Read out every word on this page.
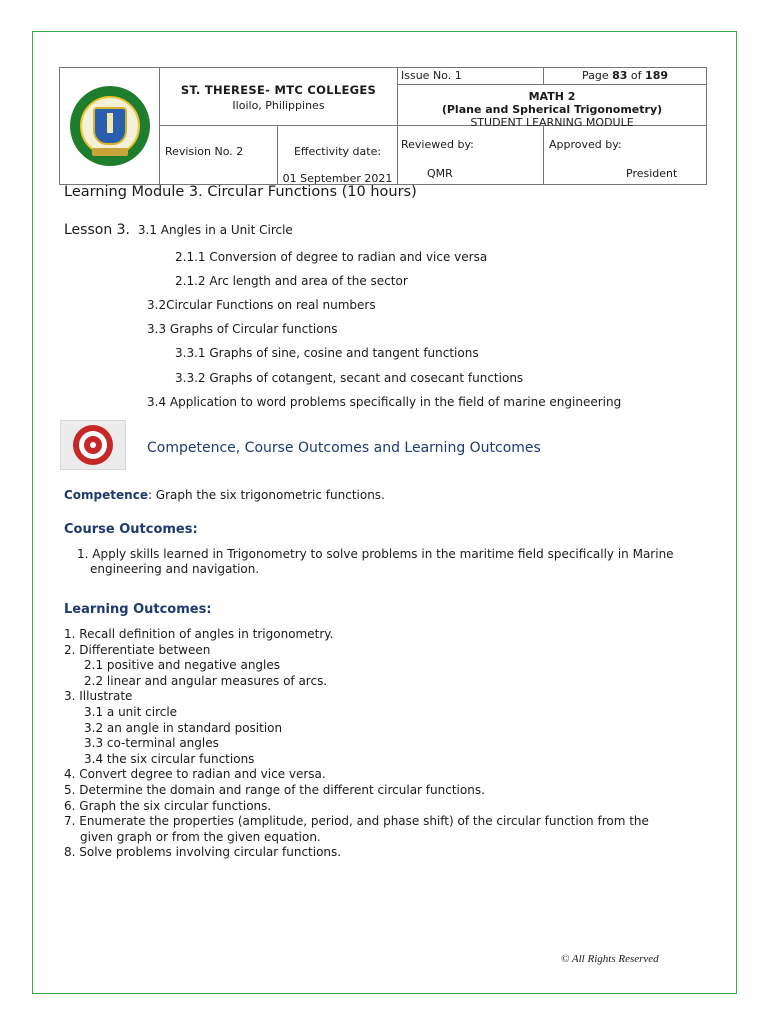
ST. THERESE- MTC COLLEGES
Iloilo, Philippines
Issue No. 1	Page 83 of 189
MATH 2
(Plane and Spherical Trigonometry)
STUDENT LEARNING MODULE
Revision No. 2	Effectivity date:
01 September 2021
Reviewed by:
QMR
Approved by:
President
Learning Module 3. Circular Functions (10 hours)
Lesson 3. 3.1 Angles in a Unit Circle
2.1.1 Conversion of degree to radian and vice versa
2.1.2 Arc length and area of the sector
3.2Circular Functions on real numbers
3.3 Graphs of Circular functions
3.3.1 Graphs of sine, cosine and tangent functions
3.3.2 Graphs of cotangent, secant and cosecant functions
3.4 Application to word problems specifically in the field of marine engineering
Competence, Course Outcomes and Learning Outcomes
Competence: Graph the six trigonometric functions.
Course Outcomes:
1. Apply skills learned in Trigonometry to solve problems in the maritime field specifically in Marine engineering and navigation.
Learning Outcomes:
1. Recall definition of angles in trigonometry.
2. Differentiate between
2.1 positive and negative angles
2.2 linear and angular measures of arcs.
3. Illustrate
3.1 a unit circle
3.2 an angle in standard position
3.3 co-terminal angles
3.4 the six circular functions
4. Convert degree to radian and vice versa.
5. Determine the domain and range of the different circular functions.
6. Graph the six circular functions.
7. Enumerate the properties (amplitude, period, and phase shift) of the circular function from the
given graph or from the given equation.
8. Solve problems involving circular functions.
© All Rights Reserved
